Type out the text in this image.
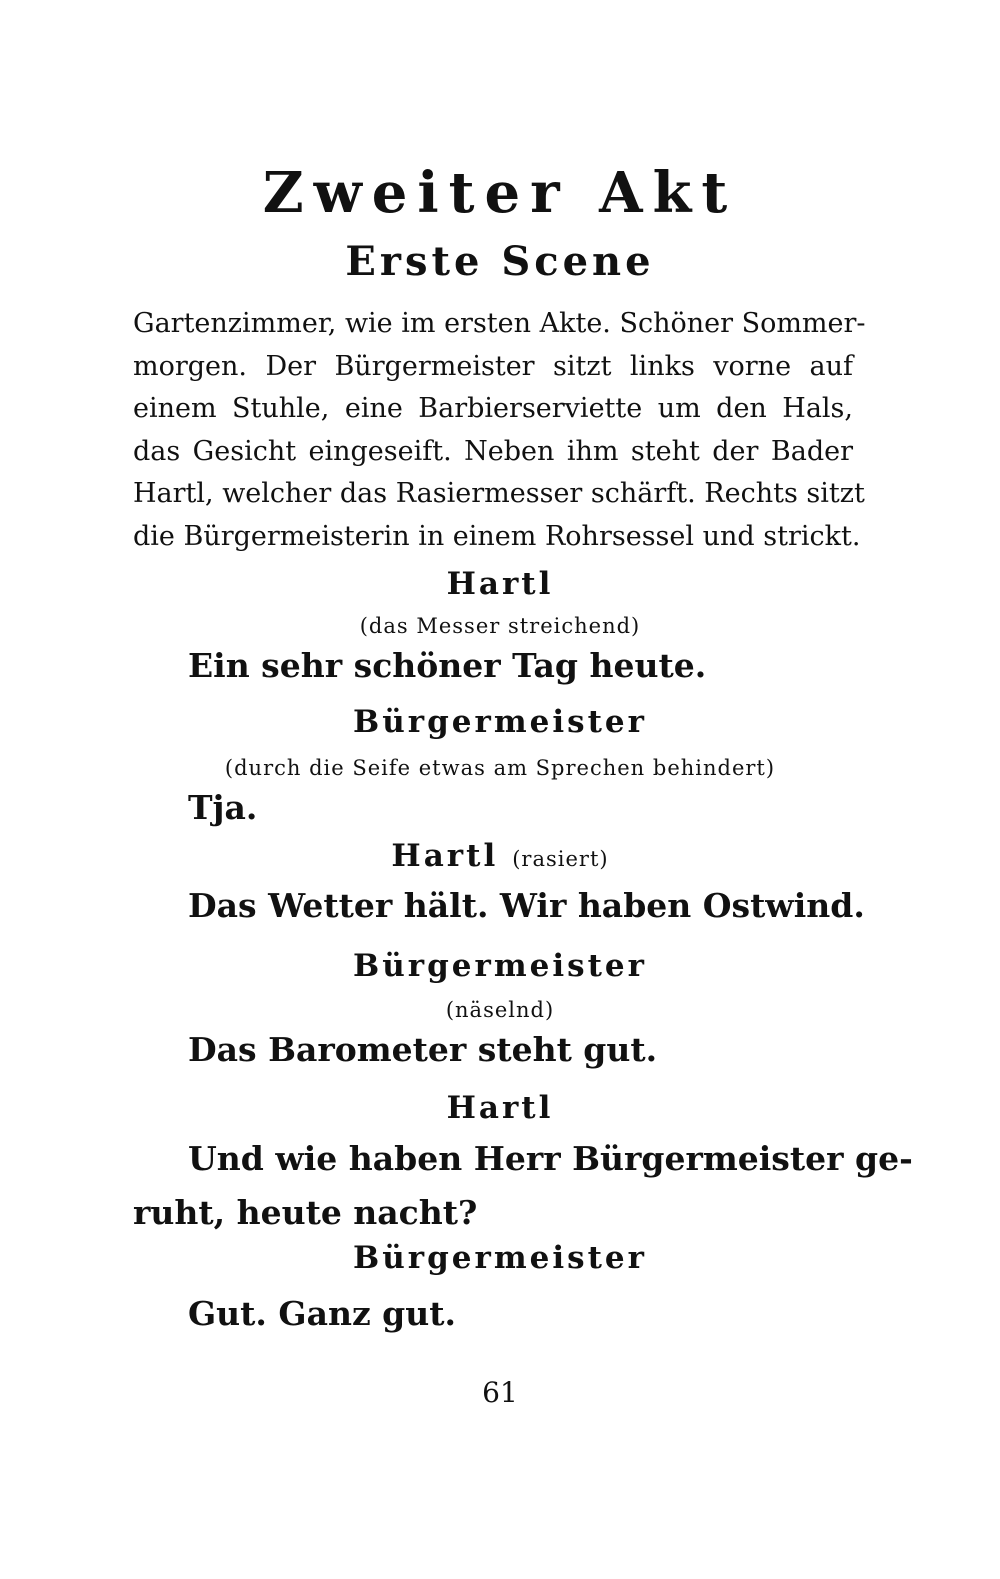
Zweiter Akt
Erste Scene
Gartenzimmer, wie im ersten Akte. Schöner Sommer-
morgen. Der Bürgermeister sitzt links vorne auf
einem Stuhle, eine Barbierserviette um den Hals,
das Gesicht eingeseift. Neben ihm steht der Bader
Hartl, welcher das Rasiermesser schärft. Rechts sitzt
die Bürgermeisterin in einem Rohrsessel und strickt.
Hartl
(das Messer streichend)
Ein sehr schöner Tag heute.
Bürgermeister
(durch die Seife etwas am Sprechen behindert)
Tja.
Hartl (rasiert)
Das Wetter hält. Wir haben Ostwind.
Bürgermeister
(näselnd)
Das Barometer steht gut.
Hartl
Und wie haben Herr Bürgermeister ge-
ruht, heute nacht?
Bürgermeister
Gut. Ganz gut.
61
